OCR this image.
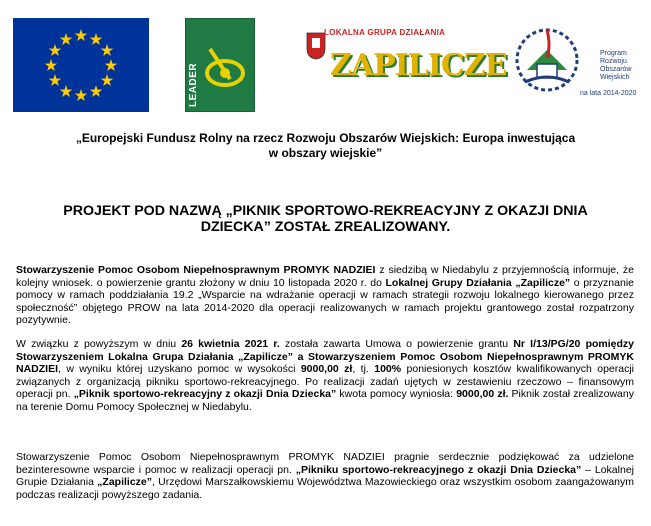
LEADER
LOKALNA GRUPA DZIAŁANIA
ZAPILICZE	Program
Rozwoju
Obszarów
Wiejskich
na lata 2014-2020
„Europejski Fundusz Rolny na rzecz Rozwoju Obszarów Wiejskich: Europa inwestująca
w obszary wiejskie”
PROJEKT POD NAZWĄ „PIKNIK SPORTOWO-REKREACYJNY Z OKAZJI DNIA
DZIECKA” ZOSTAŁ ZREALIZOWANY.
Stowarzyszenie Pomoc Osobom Niepełnosprawnym PROMYK NADZIEI z siedzibą w Niedabylu z przyjemnością informuje, że kolejny wniosek. o powierzenie grantu złożony w dniu 10 listopada 2020 r. do Lokalnej Grupy Działania „Zapilicze” o przyznanie pomocy w ramach poddziałania 19.2 „Wsparcie na wdrażanie operacji w ramach strategii rozwoju lokalnego kierowanego przez społeczność” objętego PROW na lata 2014-2020 dla operacji realizowanych w ramach projektu grantowego został rozpatrzony pozytywnie.
W związku z powyższym w dniu 26 kwietnia 2021 r. została zawarta Umowa o powierzenie grantu Nr I/13/PG/20 pomiędzy Stowarzyszeniem Lokalna Grupa Działania „Zapilicze” a Stowarzyszeniem Pomoc Osobom Niepełnosprawnym PROMYK NADZIEI, w wyniku której uzyskano pomoc w wysokości 9000,00 zł, tj. 100% poniesionych kosztów kwalifikowanych operacji związanych z organizacją pikniku sportowo-rekreacyjnego. Po realizacji zadań ujętych w zestawieniu rzeczowo – finansowym operacji pn. „Piknik sportowo-rekreacyjny z okazji Dnia Dziecka” kwota pomocy wyniosła: 9000,00 zł. Piknik został zrealizowany na terenie Domu Pomocy Społecznej w Niedabylu.
Stowarzyszenie Pomoc Osobom Niepełnosprawnym PROMYK NADZIEI pragnie serdecznie podziękować za udzielone bezinteresowne wsparcie i pomoc w realizacji operacji pn. „Pikniku sportowo-rekreacyjnego z okazji Dnia Dziecka” – Lokalnej Grupie Działania „Zapilicze”, Urzędowi Marszałkowskiemu Województwa Mazowieckiego oraz wszystkim osobom zaangażowanym podczas realizacji powyższego zadania.
